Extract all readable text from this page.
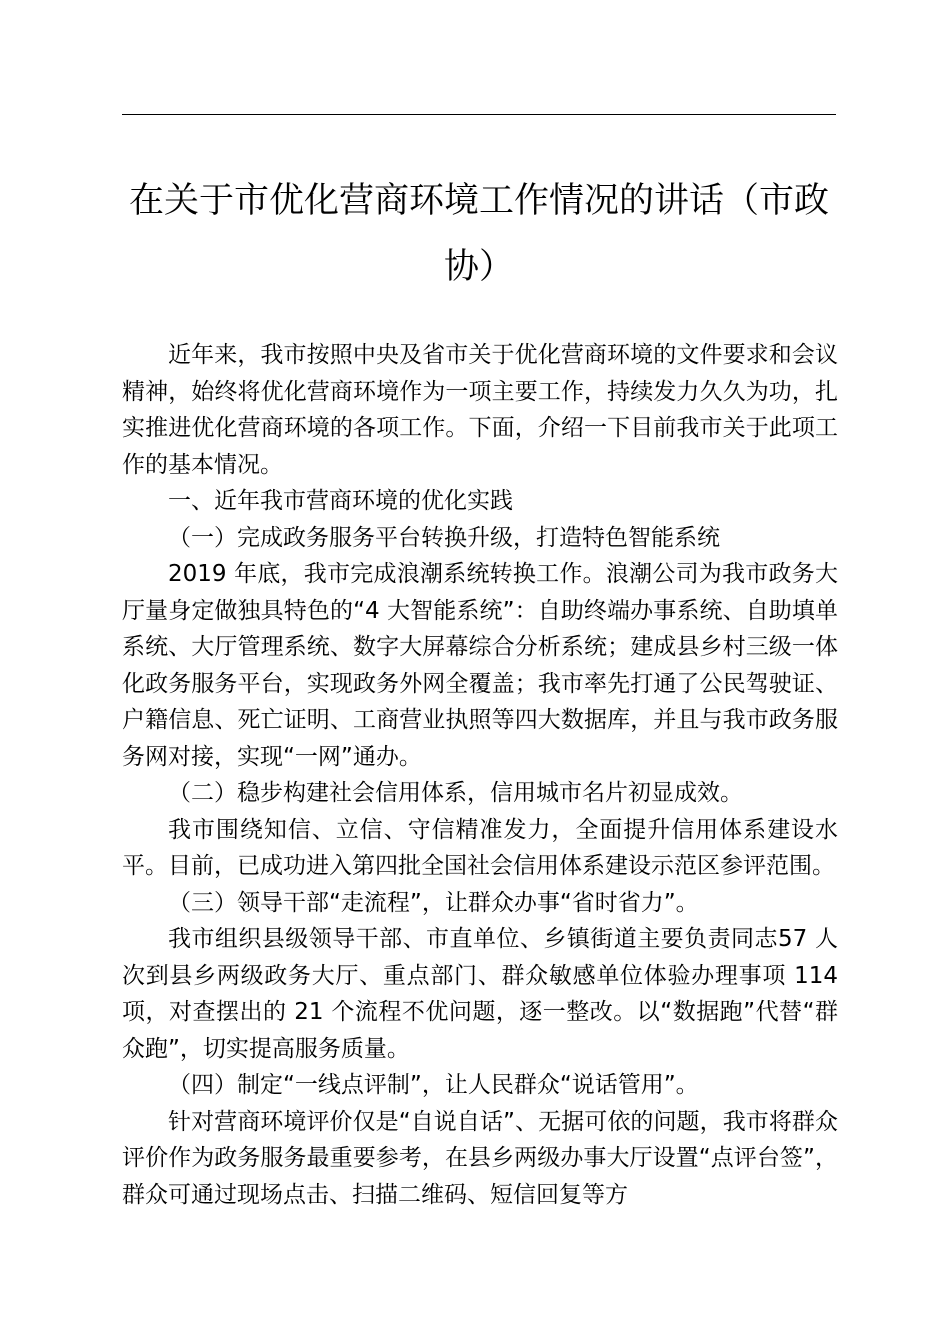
在关于市优化营商环境工作情况的讲话（市政协）

近年来，我市按照中央及省市关于优化营商环境的文件要求和会议精神，始终将优化营商环境作为一项主要工作，持续发力久久为功，扎实推进优化营商环境的各项工作。下面，介绍一下目前我市关于此项工作的基本情况。

一、近年我市营商环境的优化实践

（一）完成政务服务平台转换升级，打造特色智能系统

2019 年底，我市完成浪潮系统转换工作。浪潮公司为我市政务大厅量身定做独具特色的“4 大智能系统”：自助终端办事系统、自助填单系统、大厅管理系统、数字大屏幕综合分析系统；建成县乡村三级一体化政务服务平台，实现政务外网全覆盖；我市率先打通了公民驾驶证、户籍信息、死亡证明、工商营业执照等四大数据库，并且与我市政务服务网对接，实现“一网”通办。

（二）稳步构建社会信用体系，信用城市名片初显成效。

我市围绕知信、立信、守信精准发力，全面提升信用体系建设水平。目前，已成功进入第四批全国社会信用体系建设示范区参评范围。

（三）领导干部“走流程”，让群众办事“省时省力”。

我市组织县级领导干部、市直单位、乡镇街道主要负责同志57 人次到县乡两级政务大厅、重点部门、群众敏感单位体验办理事项 114 项，对查摆出的 21 个流程不优问题，逐一整改。以“数据跑”代替“群众跑”，切实提高服务质量。

（四）制定“一线点评制”，让人民群众“说话管用”。

针对营商环境评价仅是“自说自话”、无据可依的问题，我市将群众评价作为政务服务最重要参考，在县乡两级办事大厅设置“点评台签”，群众可通过现场点击、扫描二维码、短信回复等方
